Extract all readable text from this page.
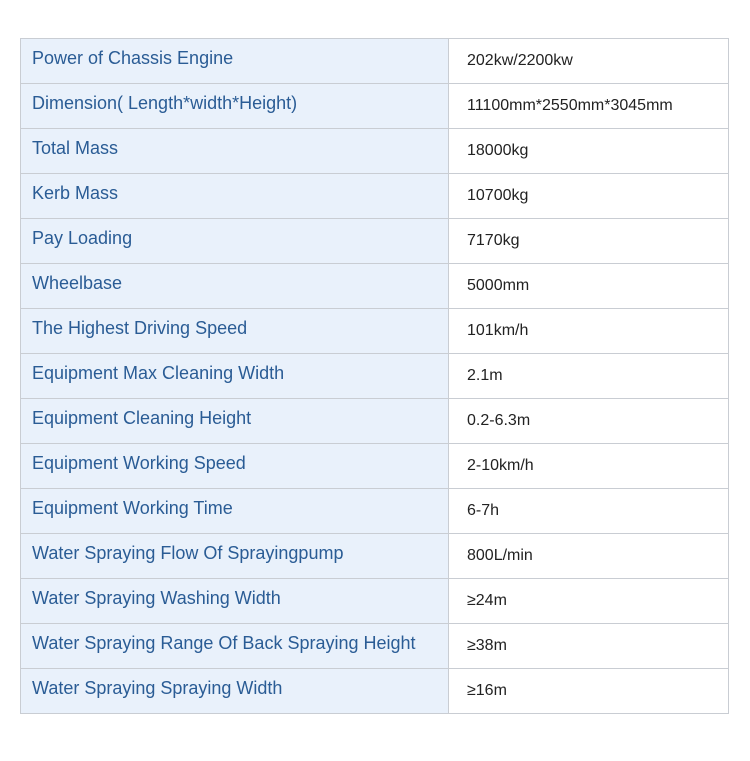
Power of Chassis Engine	202kw/2200kw
Dimension( Length*width*Height)	11100mm*2550mm*3045mm
Total Mass	18000kg
Kerb Mass	10700kg
Pay Loading	7170kg
Wheelbase	5000mm
The Highest Driving Speed	101km/h
Equipment Max Cleaning Width	2.1m
Equipment Cleaning Height	0.2-6.3m
Equipment Working Speed	2-10km/h
Equipment Working Time	6-7h
Water Spraying Flow Of Sprayingpump	800L/min
Water Spraying Washing Width	≥24m
Water Spraying Range Of Back Spraying Height	≥38m
Water Spraying Spraying Width	≥16m
